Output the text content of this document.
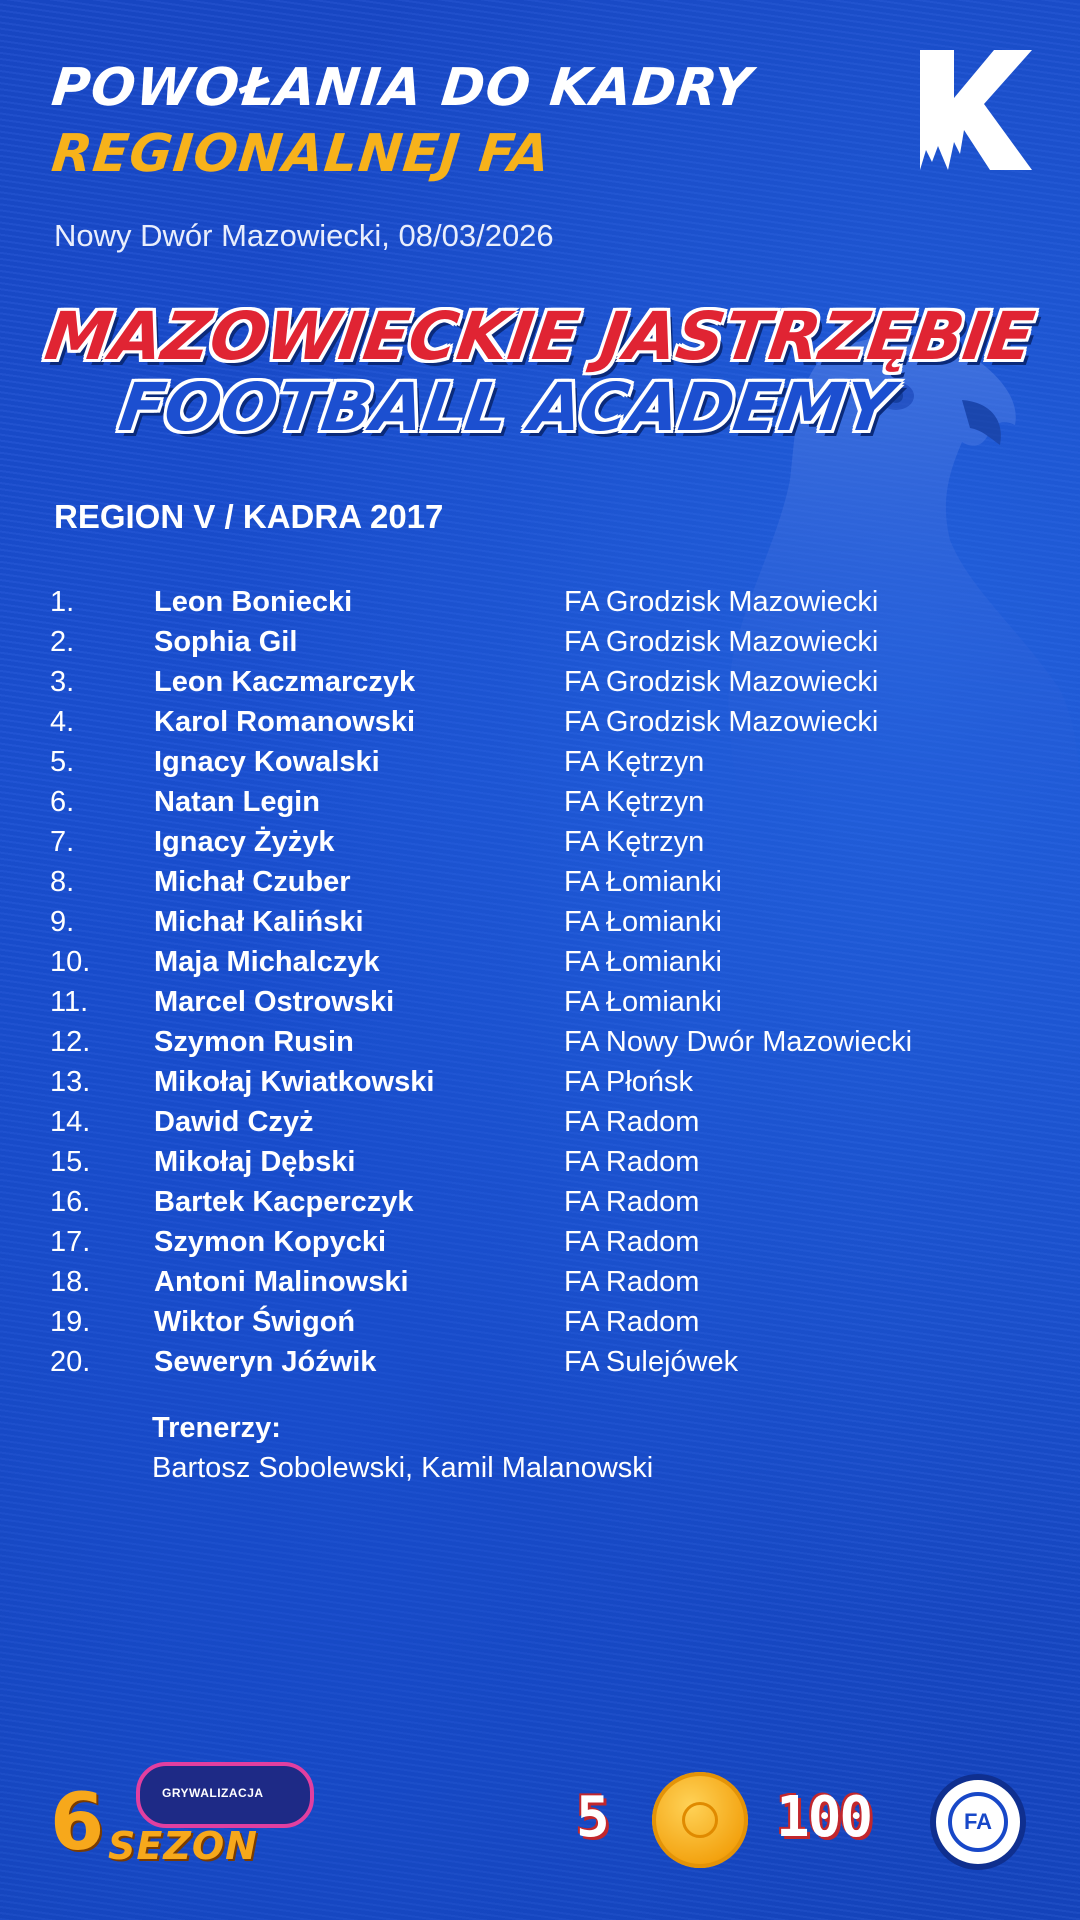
POWOŁANIA DO KADRY
REGIONALNEJ FA
Nowy Dwór Mazowiecki, 08/03/2026
MAZOWIECKIE JASTRZĘBIE
FOOTBALL ACADEMY
REGION V / KADRA 2017
1.	Leon Boniecki	FA Grodzisk Mazowiecki
2.	Sophia Gil	FA Grodzisk Mazowiecki
3.	Leon Kaczmarczyk	FA Grodzisk Mazowiecki
4.	Karol Romanowski	FA Grodzisk Mazowiecki
5.	Ignacy Kowalski	FA Kętrzyn
6.	Natan Legin	FA Kętrzyn
7.	Ignacy Żyżyk	FA Kętrzyn
8.	Michał Czuber	FA Łomianki
9.	Michał Kaliński	FA Łomianki
10. Maja Michalczyk	FA Łomianki
11. Marcel Ostrowski	FA Łomianki
12. Szymon Rusin	FA Nowy Dwór Mazowiecki
13. Mikołaj Kwiatkowski	FA Płońsk
14. Dawid Czyż	FA Radom
15. Mikołaj Dębski	FA Radom
16. Bartek Kacperczyk	FA Radom
17. Szymon Kopycki	FA Radom
18. Antoni Malinowski	FA Radom
19. Wiktor Świgoń	FA Radom
20. Seweryn Jóźwik	FA Sulejówek
Trenerzy:
Bartosz Sobolewski, Kamil Malanowski
GRYWALIZACJA
6 SEZON	5	100	FA
